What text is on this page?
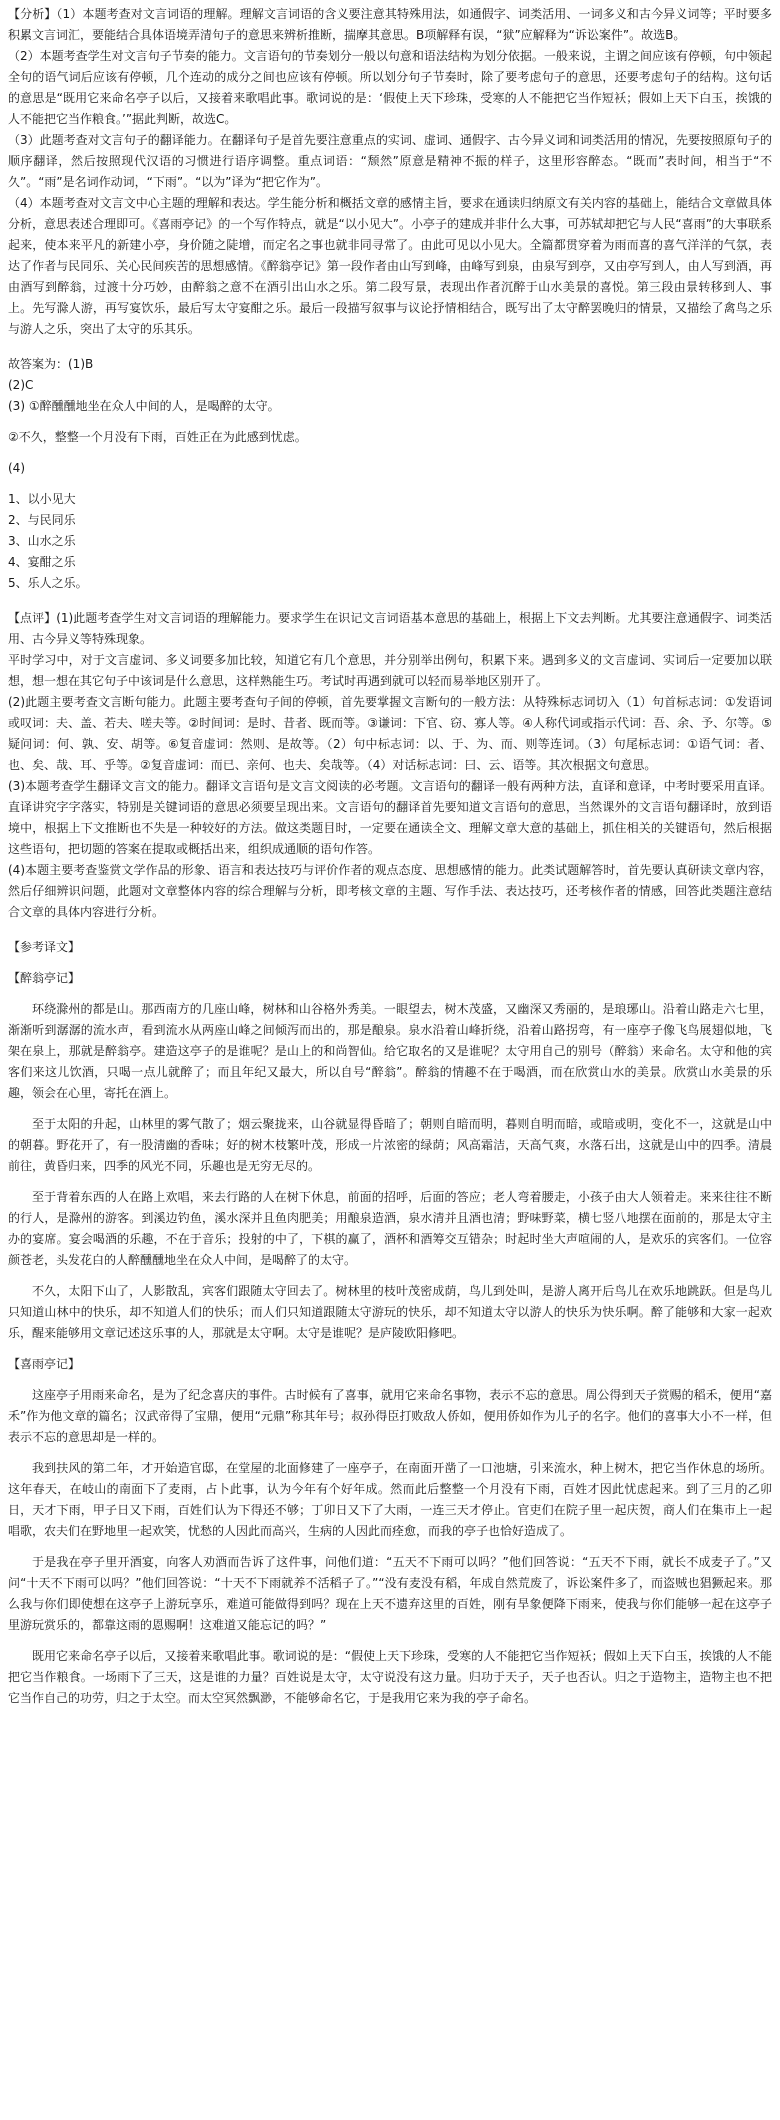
【分析】（1）本题考查对文言词语的理解。理解文言词语的含义要注意其特殊用法，如通假字、词类活用、一词多义和古今异义词等；平时要多积累文言词汇，要能结合具体语境弄清句子的意思来辨析推断，揣摩其意思。B项解释有误，“狱”应解释为“诉讼案件”。故选B。

（2）本题考查学生对文言句子节奏的能力。文言语句的节奏划分一般以句意和语法结构为划分依据。一般来说，主谓之间应该有停顿，句中领起全句的语气词后应该有停顿，几个连动的成分之间也应该有停顿。所以划分句子节奏时，除了要考虑句子的意思，还要考虑句子的结构。这句话的意思是“既用它来命名亭子以后，又接着来歌唱此事。歌词说的是：‘假使上天下珍珠，受寒的人不能把它当作短袄；假如上天下白玉，挨饿的人不能把它当作粮食。’”据此判断，故选C。

（3）此题考查对文言句子的翻译能力。在翻译句子是首先要注意重点的实词、虚词、通假字、古今异义词和词类活用的情况，先要按照原句子的顺序翻译，然后按照现代汉语的习惯进行语序调整。重点词语：“颓然”原意是精神不振的样子，这里形容醉态。“既而”表时间，相当于“不久”。“雨”是名词作动词，“下雨”。“以为”译为“把它作为”。

（4）本题考查对文言文中心主题的理解和表达。学生能分析和概括文章的感情主旨，要求在通读归纳原文有关内容的基础上，能结合文章做具体分析，意思表述合理即可。《喜雨亭记》的一个写作特点，就是“以小见大”。小亭子的建成并非什么大事，可苏轼却把它与人民“喜雨”的大事联系起来，使本来平凡的新建小亭，身价随之陡增，而定名之事也就非同寻常了。由此可见以小见大。全篇都贯穿着为雨而喜的喜气洋洋的气氛，表达了作者与民同乐、关心民间疾苦的思想感情。《醉翁亭记》第一段作者由山写到峰，由峰写到泉，由泉写到亭，又由亭写到人，由人写到酒，再由酒写到醉翁，过渡十分巧妙，由醉翁之意不在酒引出山水之乐。第二段写景，表现出作者沉醉于山水美景的喜悦。第三段由景转移到人、事上。先写滁人游，再写宴饮乐，最后写太守宴酣之乐。最后一段描写叙事与议论抒情相结合，既写出了太守醉罢晚归的情景，又描绘了禽鸟之乐与游人之乐，突出了太守的乐其乐。

故答案为：(1)B

(2)C

(3) ①醉醺醺地坐在众人中间的人，是喝醉的太守。

②不久，整整一个月没有下雨，百姓正在为此感到忧虑。

(4)

1、以小见大

2、与民同乐

3、山水之乐

4、宴酣之乐

5、乐人之乐。

【点评】(1)此题考查学生对文言词语的理解能力。要求学生在识记文言词语基本意思的基础上，根据上下文去判断。尤其要注意通假字、词类活用、古今异义等特殊现象。

平时学习中，对于文言虚词、多义词要多加比较，知道它有几个意思，并分别举出例句，积累下来。遇到多义的文言虚词、实词后一定要加以联想，想一想在其它句子中该词是什么意思，这样熟能生巧。考试时再遇到就可以轻而易举地区别开了。

(2)此题主要考查文言断句能力。此题主要考查句子间的停顿，首先要掌握文言断句的一般方法：从特殊标志词切入（1）句首标志词：①发语词或叹词：夫、盖、若夫、嗟夫等。②时间词：是时、昔者、既而等。③谦词：下官、窃、寡人等。④人称代词或指示代词：吾、余、予、尔等。⑤疑问词：何、孰、安、胡等。⑥复音虚词：然则、是故等。（2）句中标志词：以、于、为、而、则等连词。（3）句尾标志词：①语气词：者、也、矣、哉、耳、乎等。②复音虚词：而已、亲何、也夫、矣哉等。（4）对话标志词：曰、云、语等。其次根据文句意思。

(3)本题考查学生翻译文言文的能力。翻译文言语句是文言文阅读的必考题。文言语句的翻译一般有两种方法，直译和意译，中考时要采用直译。直译讲究字字落实，特别是关键词语的意思必须要呈现出来。文言语句的翻译首先要知道文言语句的意思，当然课外的文言语句翻译时，放到语境中，根据上下文推断也不失是一种较好的方法。做这类题目时，一定要在通读全文、理解文章大意的基础上，抓住相关的关键语句，然后根据这些语句，把切题的答案在提取或概括出来，组织成通顺的语句作答。

(4)本题主要考查鉴赏文学作品的形象、语言和表达技巧与评价作者的观点态度、思想感情的能力。此类试题解答时，首先要认真研读文章内容，然后仔细辨识问题，此题对文章整体内容的综合理解与分析，即考核文章的主题、写作手法、表达技巧，还考核作者的情感，回答此类题注意结合文章的具体内容进行分析。

【参考译文】

【醉翁亭记】

环绕滁州的都是山。那西南方的几座山峰，树林和山谷格外秀美。一眼望去，树木茂盛，又幽深又秀丽的，是琅琊山。沿着山路走六七里，渐渐听到潺潺的流水声，看到流水从两座山峰之间倾泻而出的，那是酿泉。泉水沿着山峰折绕，沿着山路拐弯，有一座亭子像飞鸟展翅似地，飞架在泉上，那就是醉翁亭。建造这亭子的是谁呢？是山上的和尚智仙。给它取名的又是谁呢？太守用自己的别号（醉翁）来命名。太守和他的宾客们来这儿饮酒，只喝一点儿就醉了；而且年纪又最大，所以自号“醉翁”。醉翁的情趣不在于喝酒，而在欣赏山水的美景。欣赏山水美景的乐趣，领会在心里，寄托在酒上。

至于太阳的升起，山林里的雾气散了；烟云聚拢来，山谷就显得昏暗了；朝则自暗而明，暮则自明而暗，或暗或明，变化不一，这就是山中的朝暮。野花开了，有一股清幽的香味；好的树木枝繁叶茂，形成一片浓密的绿荫；风高霜洁，天高气爽，水落石出，这就是山中的四季。清晨前往，黄昏归来，四季的风光不同，乐趣也是无穷无尽的。

至于背着东西的人在路上欢唱，来去行路的人在树下休息，前面的招呼，后面的答应；老人弯着腰走，小孩子由大人领着走。来来往往不断的行人，是滁州的游客。到溪边钓鱼，溪水深并且鱼肉肥美；用酿泉造酒，泉水清并且酒也清；野味野菜，横七竖八地摆在面前的，那是太守主办的宴席。宴会喝酒的乐趣，不在于音乐；投射的中了，下棋的赢了，酒杯和酒筹交互错杂；时起时坐大声喧闹的人，是欢乐的宾客们。一位容颜苍老，头发花白的人醉醺醺地坐在众人中间，是喝醉了的太守。

不久，太阳下山了，人影散乱，宾客们跟随太守回去了。树林里的枝叶茂密成荫，鸟儿到处叫，是游人离开后鸟儿在欢乐地跳跃。但是鸟儿只知道山林中的快乐，却不知道人们的快乐；而人们只知道跟随太守游玩的快乐，却不知道太守以游人的快乐为快乐啊。醉了能够和大家一起欢乐，醒来能够用文章记述这乐事的人，那就是太守啊。太守是谁呢？是庐陵欧阳修吧。

【喜雨亭记】

这座亭子用雨来命名，是为了纪念喜庆的事件。古时候有了喜事，就用它来命名事物，表示不忘的意思。周公得到天子赏赐的稻禾，便用“嘉禾”作为他文章的篇名；汉武帝得了宝鼎，便用“元鼎”称其年号；叔孙得臣打败敌人侨如，便用侨如作为儿子的名字。他们的喜事大小不一样，但表示不忘的意思却是一样的。

我到扶风的第二年，才开始造官邸，在堂屋的北面修建了一座亭子，在南面开凿了一口池塘，引来流水，种上树木，把它当作休息的场所。这年春天，在岐山的南面下了麦雨，占卜此事，认为今年有个好年成。然而此后整整一个月没有下雨，百姓才因此忧虑起来。到了三月的乙卯日，天才下雨，甲子日又下雨，百姓们认为下得还不够；丁卯日又下了大雨，一连三天才停止。官吏们在院子里一起庆贺，商人们在集市上一起唱歌，农夫们在野地里一起欢笑，忧愁的人因此而高兴，生病的人因此而痊愈，而我的亭子也恰好造成了。

于是我在亭子里开酒宴，向客人劝酒而告诉了这件事，问他们道：“五天不下雨可以吗？”他们回答说：“五天不下雨，就长不成麦子了。”又问“十天不下雨可以吗？”他们回答说：“十天不下雨就养不活稻子了。”“没有麦没有稻，年成自然荒废了，诉讼案件多了，而盗贼也猖獗起来。那么我与你们即使想在这亭子上游玩享乐，难道可能做得到吗？现在上天不遗弃这里的百姓，刚有旱象便降下雨来，使我与你们能够一起在这亭子里游玩赏乐的，都靠这雨的恩赐啊！这难道又能忘记的吗？”

既用它来命名亭子以后，又接着来歌唱此事。歌词说的是：“假使上天下珍珠，受寒的人不能把它当作短袄；假如上天下白玉，挨饿的人不能把它当作粮食。一场雨下了三天，这是谁的力量？百姓说是太守，太守说没有这力量。归功于天子，天子也否认。归之于造物主，造物主也不把它当作自己的功劳，归之于太空。而太空冥然飘渺，不能够命名它，于是我用它来为我的亭子命名。
